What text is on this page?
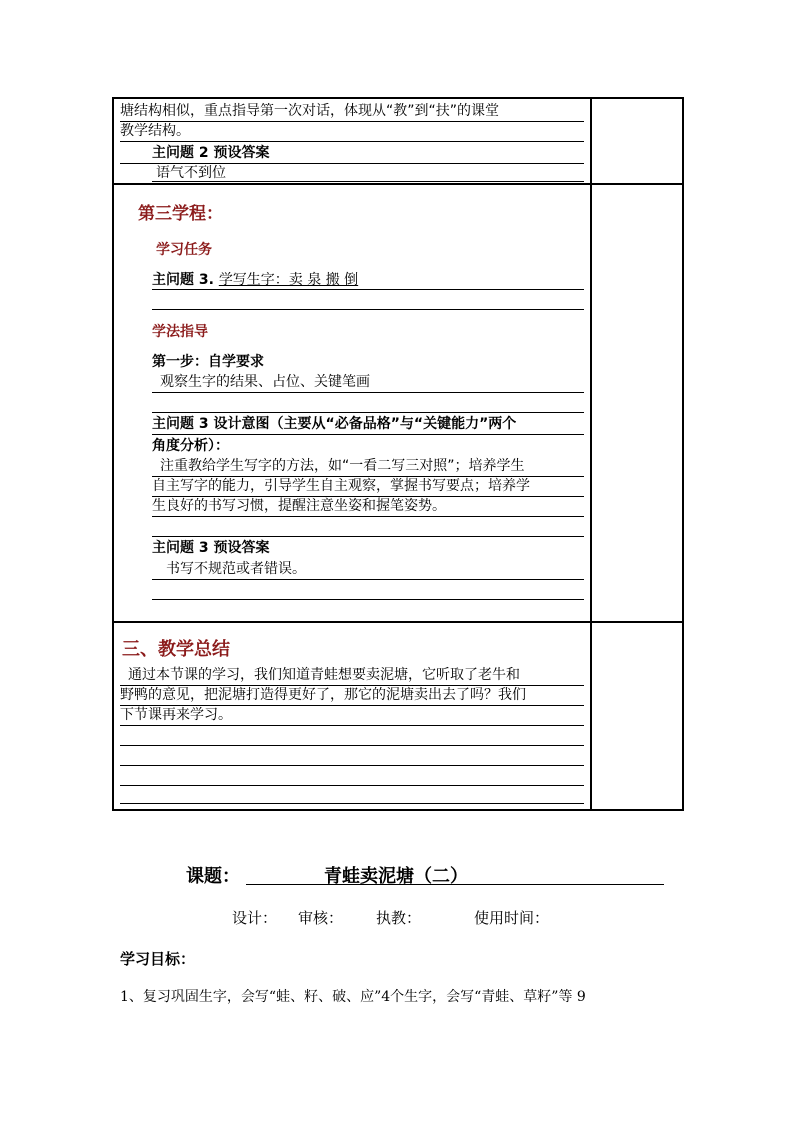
塘结构相似，重点指导第一次对话，体现从“教”到“扶”的课堂
教学结构。
主问题 2 预设答案
语气不到位
第三学程：
学习任务
主问题 3. 学写生字：卖 泉 搬 倒
学法指导
第一步：自学要求
观察生字的结果、占位、关键笔画
主问题 3 设计意图（主要从“必备品格”与“关键能力”两个
角度分析）：
注重教给学生写字的方法，如“一看二写三对照”；培养学生
自主写字的能力，引导学生自主观察，掌握书写要点；培养学
生良好的书写习惯，提醒注意坐姿和握笔姿势。
主问题 3 预设答案
书写不规范或者错误。
三、教学总结
通过本节课的学习，我们知道青蛙想要卖泥塘，它听取了老牛和
野鸭的意见，把泥塘打造得更好了，那它的泥塘卖出去了吗？我们
下节课再来学习。
课题：	青蛙卖泥塘（二）
设计： 审核： 执教：	使用时间：
学习目标：
1、复习巩固生字，会写“蛙、籽、破、应”4个生字，会写“青蛙、草籽”等 9
